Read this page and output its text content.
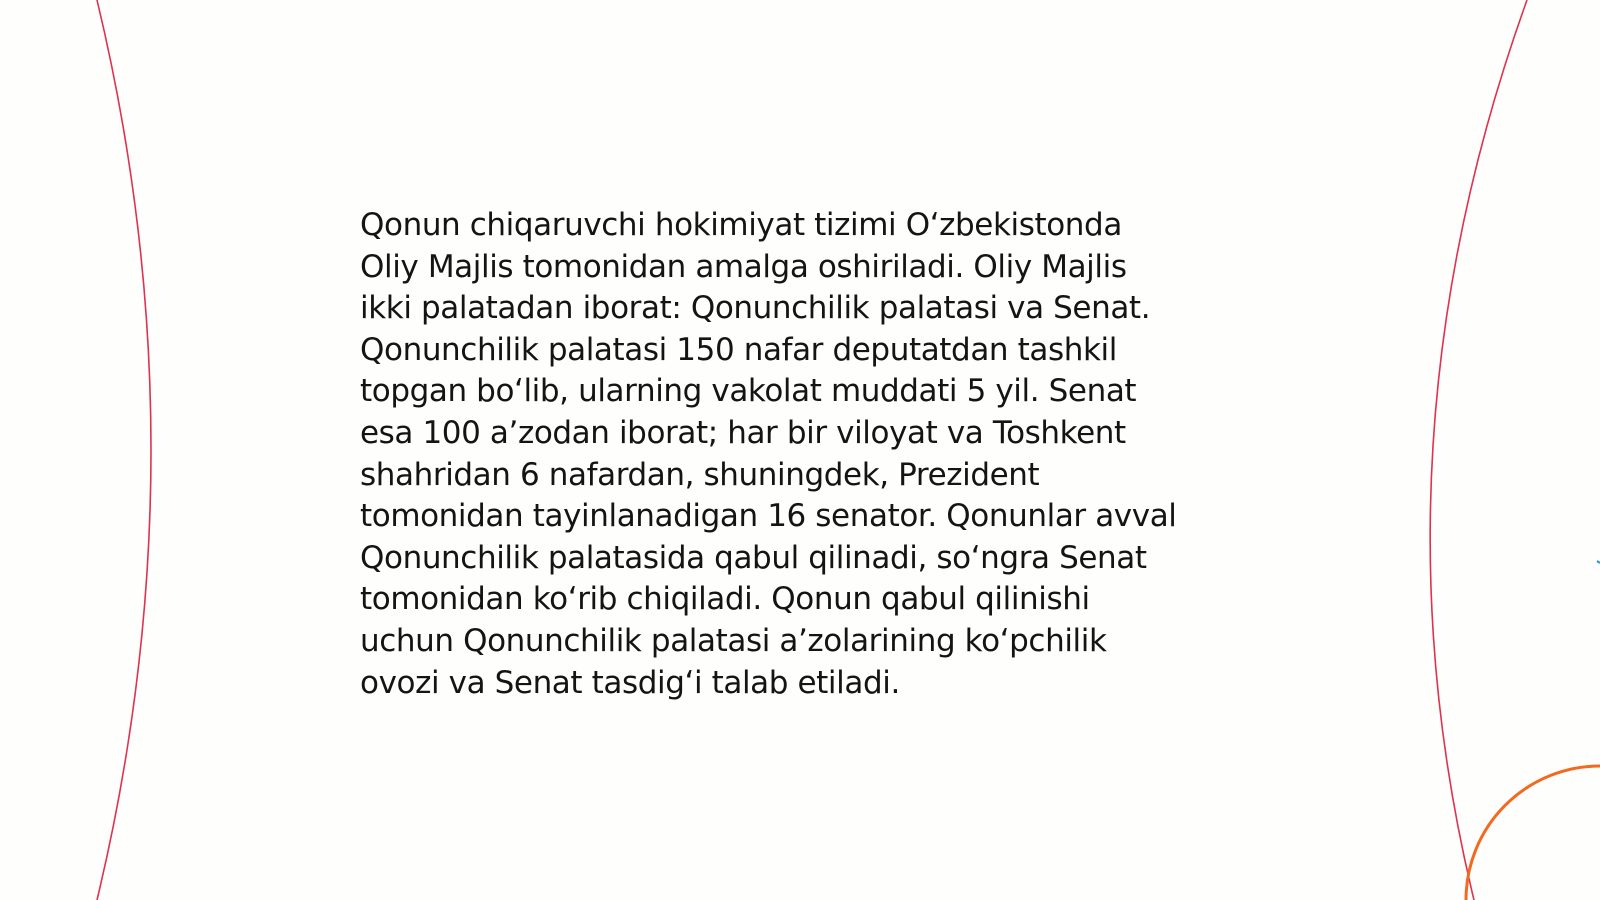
Qonun chiqaruvchi hokimiyat tizimi O‘zbekistonda
Oliy Majlis tomonidan amalga oshiriladi. Oliy Majlis
ikki palatadan iborat: Qonunchilik palatasi va Senat.
Qonunchilik palatasi 150 nafar deputatdan tashkil
topgan bo‘lib, ularning vakolat muddati 5 yil. Senat
esa 100 a’zodan iborat; har bir viloyat va Toshkent
shahridan 6 nafardan, shuningdek, Prezident
tomonidan tayinlanadigan 16 senator. Qonunlar avval
Qonunchilik palatasida qabul qilinadi, so‘ngra Senat
tomonidan ko‘rib chiqiladi. Qonun qabul qilinishi
uchun Qonunchilik palatasi a’zolarining ko‘pchilik
ovozi va Senat tasdig‘i talab etiladi.
